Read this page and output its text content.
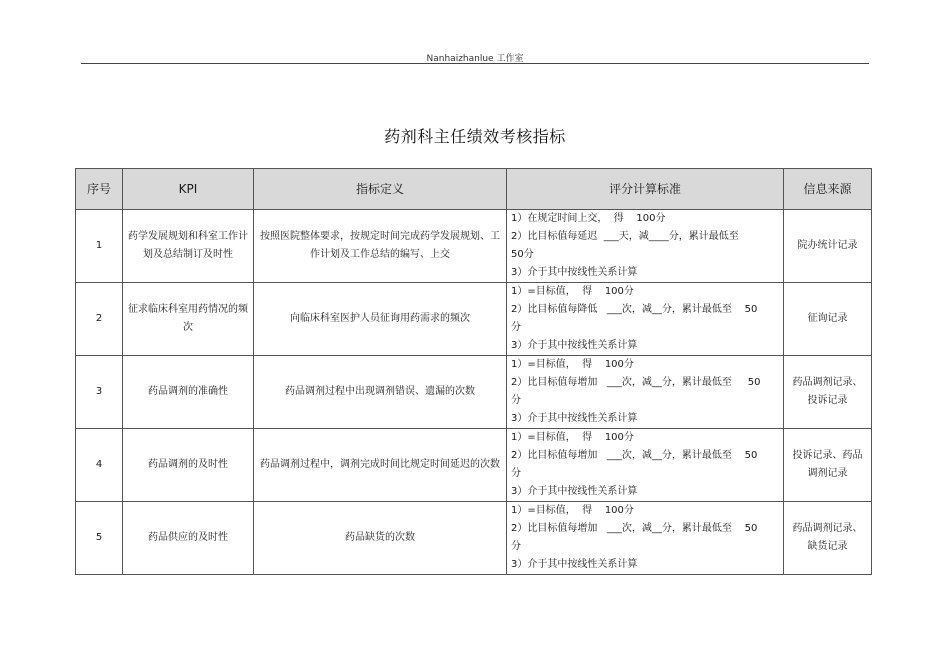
Nanhaizhanlue 工作室
药剂科主任绩效考核指标
序号	KPI	指标定义	评分计算标准	信息来源
1	药学发展规划和科室工作计划及总结制订及时性	按照医院整体要求，按规定时间完成药学发展规划、工作计划及工作总结的编写、上交	1）在规定时间上交，  得    100分
2）比目标值每延迟  ___天，减____分，累计最低至
50分
3）介于其中按线性关系计算	院办统计记录
2	征求临床科室用药情况的频次	向临床科室医护人员征询用药需求的频次	1）=目标值，  得    100分
2）比目标值每降低   ___次，减__分，累计最低至    50
分
3）介于其中按线性关系计算	征询记录
3	药品调剂的准确性	药品调剂过程中出现调剂错误、遗漏的次数	1）=目标值，  得    100分
2）比目标值每增加   ___次，减__分，累计最低至     50
分
3）介于其中按线性关系计算	药品调剂记录、投诉记录
4	药品调剂的及时性	药品调剂过程中，调剂完成时间比规定时间延迟的次数	1）=目标值，  得    100分
2）比目标值每增加   ___次，减__分，累计最低至    50
分
3）介于其中按线性关系计算	投诉记录、药品调剂记录
5	药品供应的及时性	药品缺货的次数	1）=目标值，  得    100分
2）比目标值每增加   ___次，减__分，累计最低至    50
分
3）介于其中按线性关系计算	药品调剂记录、缺货记录
